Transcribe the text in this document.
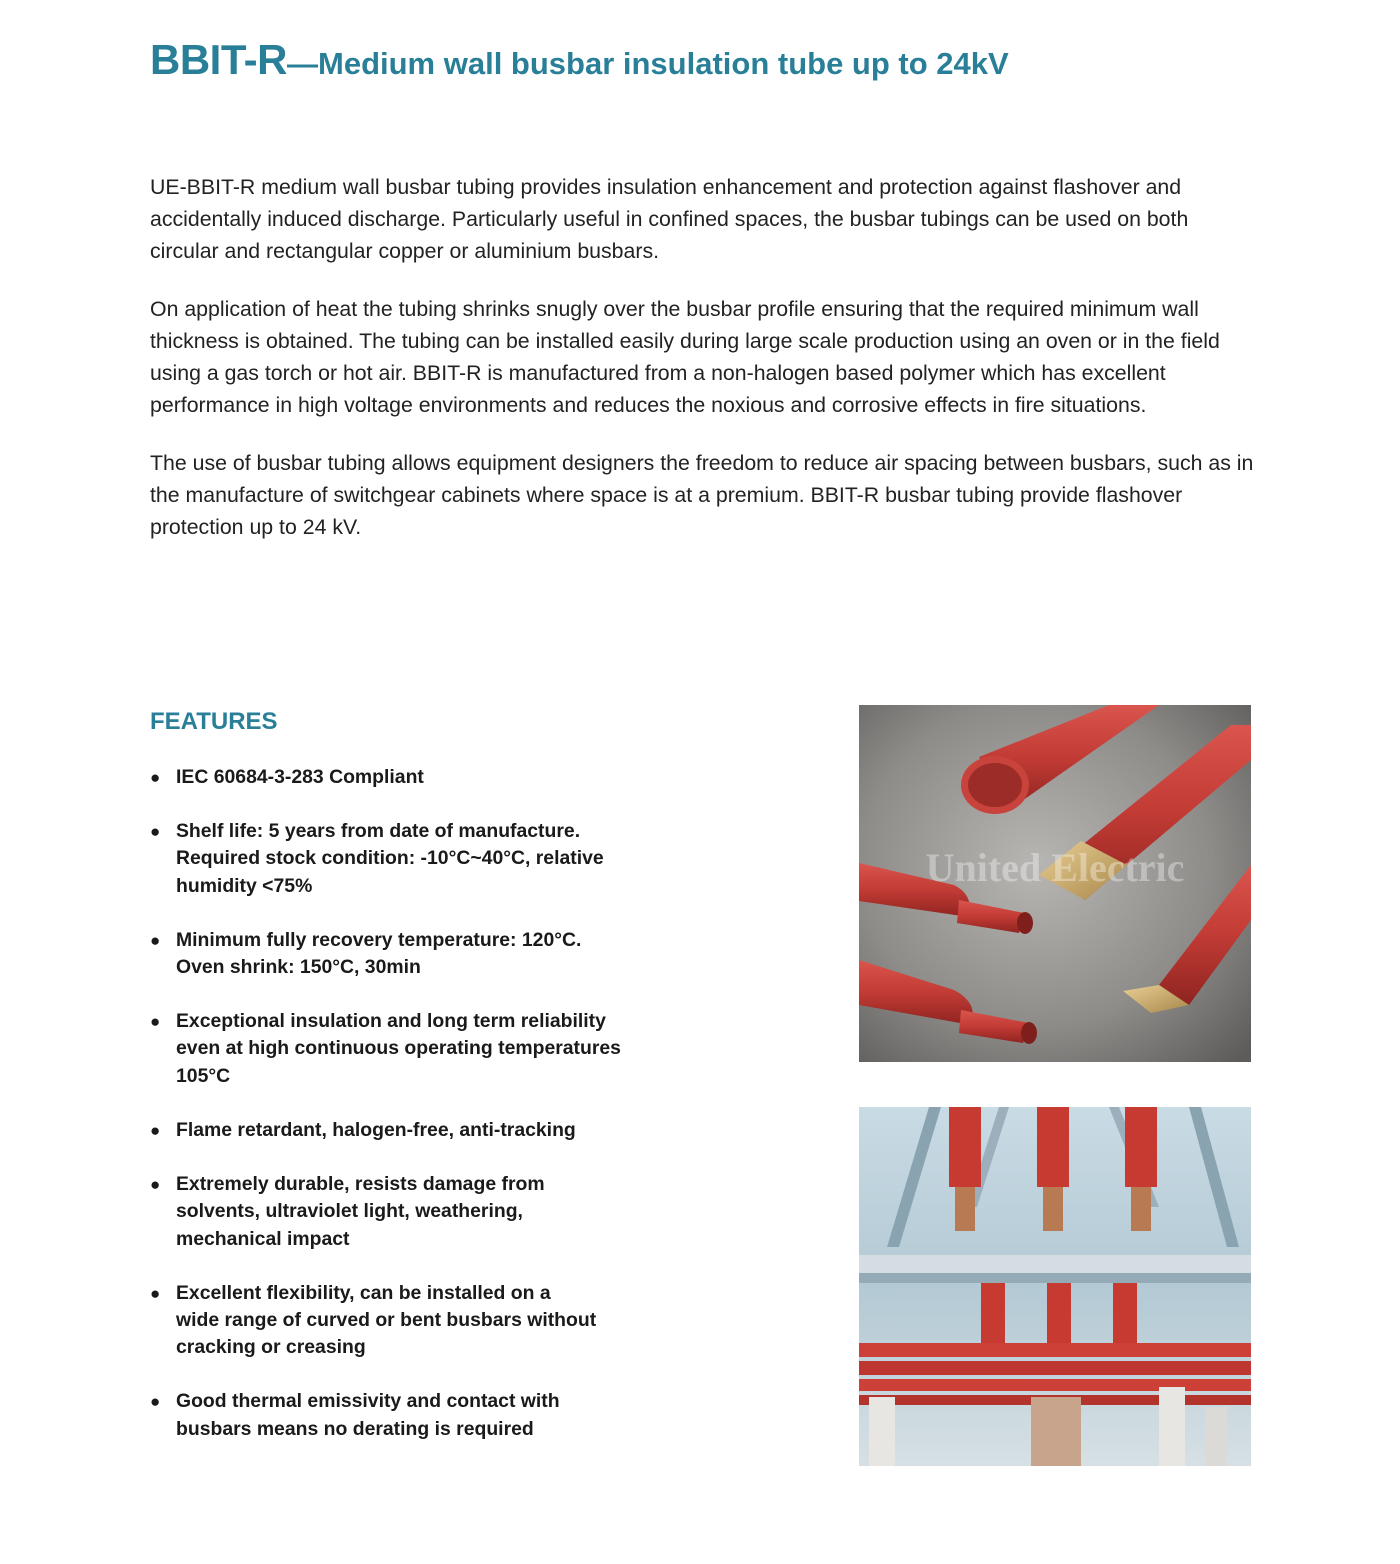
BBIT-R—Medium wall busbar insulation tube up to 24kV

UE-BBIT-R medium wall busbar tubing provides insulation enhancement and protection against flashover and accidentally induced discharge. Particularly useful in confined spaces, the busbar tubings can be used on both circular and rectangular copper or aluminium busbars.

On application of heat the tubing shrinks snugly over the busbar profile ensuring that the required minimum wall thickness is obtained. The tubing can be installed easily during large scale production using an oven or in the field using a gas torch or hot air. BBIT-R is manufactured from a non-halogen based polymer which has excellent performance in high voltage environments and reduces the noxious and corrosive effects in fire situations.

The use of busbar tubing allows equipment designers the freedom to reduce air spacing between busbars, such as in the manufacture of switchgear cabinets where space is at a premium. BBIT-R busbar tubing provide flashover protection up to 24 kV.

FEATURES
● IEC 60684-3-283 Compliant
● Shelf life: 5 years from date of manufacture.
Required stock condition: -10°C~40°C, relative
humidity <75%
● Minimum fully recovery temperature: 120°C.
Oven shrink: 150°C, 30min
● Exceptional insulation and long term reliability
even at high continuous operating temperatures
105°C
● Flame retardant, halogen-free, anti-tracking
● Extremely durable, resists damage from
solvents, ultraviolet light, weathering,
mechanical impact
● Excellent flexibility, can be installed on a
wide range of curved or bent busbars without
cracking or creasing
● Good thermal emissivity and contact with
busbars means no derating is required
United Electric
